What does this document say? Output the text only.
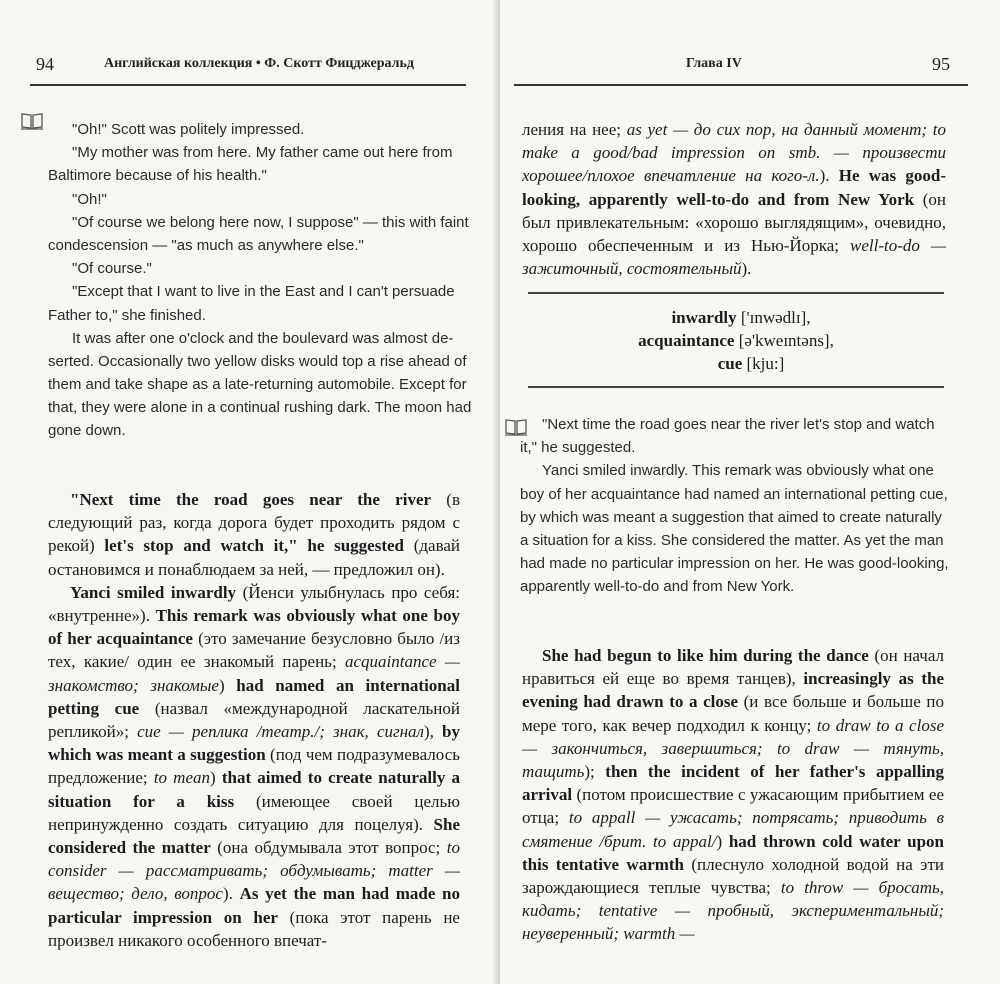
94	Английская коллекция • Ф. Скотт Фицджеральд
"Oh!" Scott was politely impressed.
"My mother was from here. My father came out here from
Baltimore because of his health."
"Oh!"
"Of course we belong here now, I suppose" — this with faint
condescension — "as much as anywhere else."
"Of course."
"Except that I want to live in the East and I can't persuade
Father to," she finished.
It was after one o'clock and the boulevard was almost de-
serted. Occasionally two yellow disks would top a rise ahead of
them and take shape as a late-returning automobile. Except for
that, they were alone in a continual rushing dark. The moon had
gone down.
"Next time the road goes near the river (в следующий раз, когда дорога будет проходить рядом с рекой) let's stop and watch it," he suggested (давай остановимся и понаблюдаем за ней, — предложил он).
Yanci smiled inwardly (Йенси улыбнулась про себя: «внутренне»). This remark was obviously what one boy of her acquaintance (это замечание безусловно было /из тех, какие/ один ее знакомый парень; acquaintance — знакомство; знакомые) had named an international petting cue (назвал «международной ласкательной репликой»; cue — реплика /театр./; знак, сигнал), by which was meant a suggestion (под чем подразумевалось предложение; to mean) that aimed to create naturally a situation for a kiss (имеющее своей целью непринужденно создать ситуацию для поцелуя). She considered the matter (она обдумывала этот вопрос; to consider — рассматривать; обдумывать; matter — вещество; дело, вопрос). As yet the man had made no particular impression on her (пока этот парень не произвел никакого особенного впечат-
Глава IV	95
ления на нее; as yet — до сих пор, на данный момент; to make a good/bad impression on smb. — произвести хорошее/плохое впечатление на кого-л.). He was good-looking, apparently well-to-do and from New York (он был привлекательным: «хорошо выглядящим», очевидно, хорошо обеспеченным и из Нью-Йорка; well-to-do — зажиточный, состоятельный).
inwardly ['ɪnwədlɪ],
acquaintance [ə'kweɪntəns],
cue [kju:]
"Next time the road goes near the river let's stop and watch
it," he suggested.
Yanci smiled inwardly. This remark was obviously what one
boy of her acquaintance had named an international petting cue,
by which was meant a suggestion that aimed to create naturally
a situation for a kiss. She considered the matter. As yet the man
had made no particular impression on her. He was good-looking,
apparently well-to-do and from New York.
She had begun to like him during the dance (он начал нравиться ей еще во время танцев), increasingly as the evening had drawn to a close (и все больше и больше по мере того, как вечер подходил к концу; to draw to a close — закончиться, завершиться; to draw — тянуть, тащить); then the incident of her father's appalling arrival (потом происшествие с ужасающим прибытием ее отца; to appall — ужасать; потрясать; приводить в смятение /брит. to appal/) had thrown cold water upon this tentative warmth (плеснуло холодной водой на эти зарождающиеся теплые чувства; to throw — бросать, кидать; tentative — пробный, экспериментальный; неуверенный; warmth —
